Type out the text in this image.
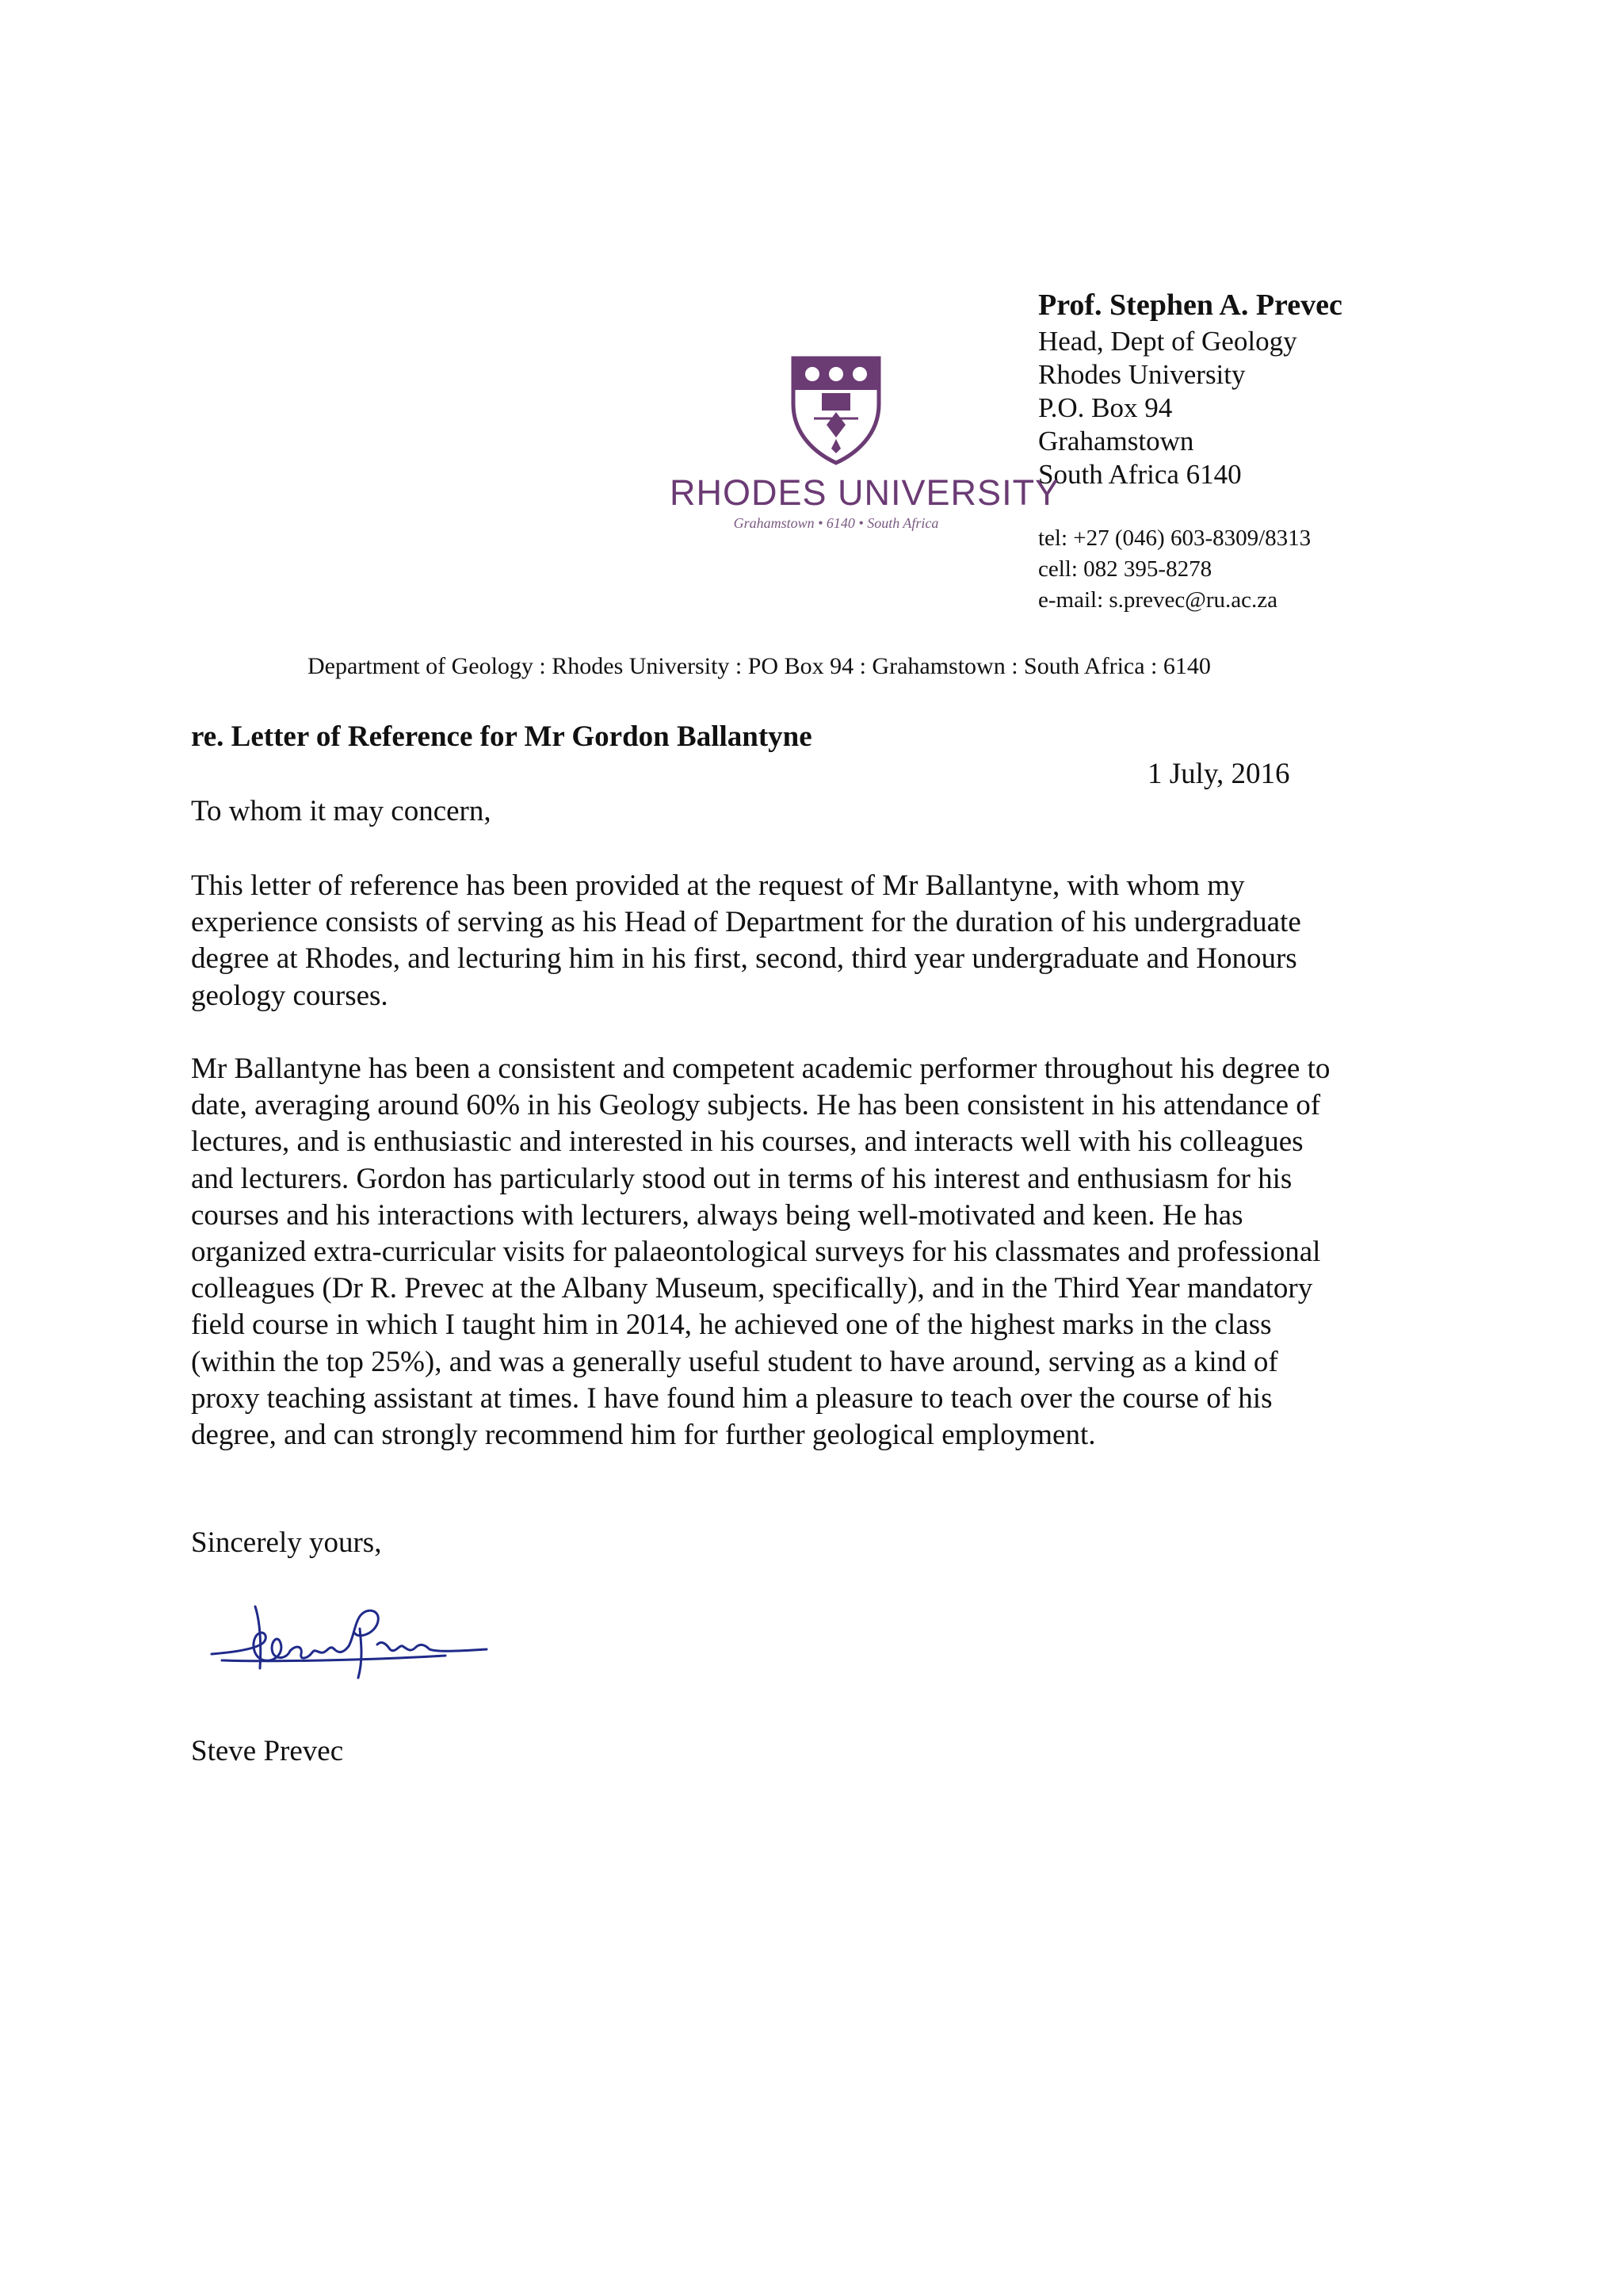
Prof. Stephen A. Prevec
Head, Dept of Geology
Rhodes University
P.O. Box 94
Grahamstown
South Africa 6140
tel: +27 (046) 603-8309/8313
cell: 082 395-8278
e-mail: s.prevec@ru.ac.za
RHODES UNIVERSITY
Grahamstown • 6140 • South Africa
Department of Geology : Rhodes University : PO Box 94 : Grahamstown : South Africa : 6140
re. Letter of Reference for Mr Gordon Ballantyne
1 July, 2016
To whom it may concern,
This letter of reference has been provided at the request of Mr Ballantyne, with whom my
experience consists of serving as his Head of Department for the duration of his undergraduate
degree at Rhodes, and lecturing him in his first, second, third year undergraduate and Honours
geology courses.
Mr Ballantyne has been a consistent and competent academic performer throughout his degree to
date, averaging around 60% in his Geology subjects. He has been consistent in his attendance of
lectures, and is enthusiastic and interested in his courses, and interacts well with his colleagues
and lecturers. Gordon has particularly stood out in terms of his interest and enthusiasm for his
courses and his interactions with lecturers, always being well-motivated and keen. He has
organized extra-curricular visits for palaeontological surveys for his classmates and professional
colleagues (Dr R. Prevec at the Albany Museum, specifically), and in the Third Year mandatory
field course in which I taught him in 2014, he achieved one of the highest marks in the class
(within the top 25%), and was a generally useful student to have around, serving as a kind of
proxy teaching assistant at times. I have found him a pleasure to teach over the course of his
degree, and can strongly recommend him for further geological employment.
Sincerely yours,
Steve Prevec
